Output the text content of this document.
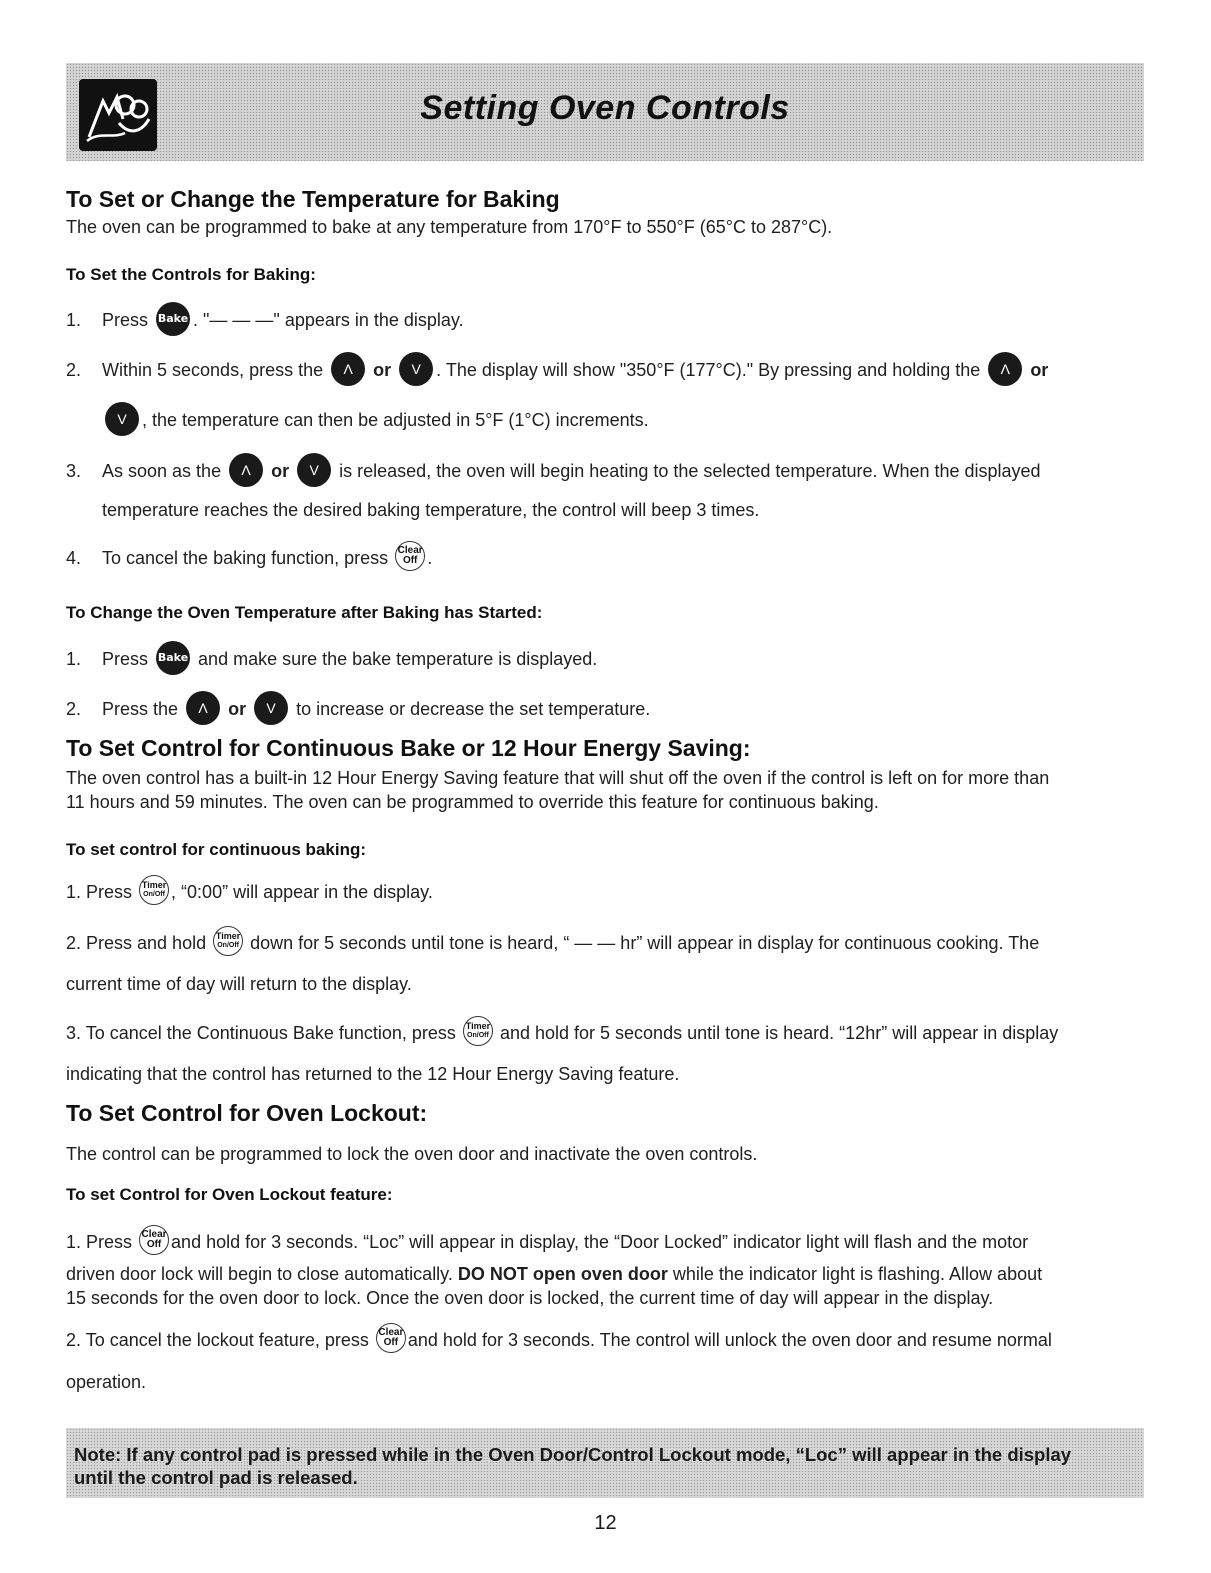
Setting Oven Controls
To Set or Change the Temperature for Baking
The oven can be programmed to bake at any temperature from 170°F to 550°F (65°C to 287°C).
To Set the Controls for Baking:
1. Press Bake . "— — —" appears in the display.
2. Within 5 seconds, press the Ʌ or V . The display will show "350°F (177°C)." By pressing and holding the Ʌ or
V , the temperature can then be adjusted in 5°F (1°C) increments.
3. As soon as the Ʌ or V is released, the oven will begin heating to the selected temperature. When the displayed
temperature reaches the desired baking temperature, the control will beep 3 times.
4. To cancel the baking function, press Clear
Off .
To Change the Oven Temperature after Baking has Started:
1. Press Bake and make sure the bake temperature is displayed.
2. Press the Ʌ or V to increase or decrease the set temperature.
To Set Control for Continuous Bake or 12 Hour Energy Saving:
The oven control has a built-in 12 Hour Energy Saving feature that will shut off the oven if the control is left on for more than
11 hours and 59 minutes. The oven can be programmed to override this feature for continuous baking.
To set control for continuous baking:
1. Press Timer
On/Off , “0:00” will appear in the display.
2. Press and hold Timer
On/Off down for 5 seconds until tone is heard, “ — — hr” will appear in display for continuous cooking. The
current time of day will return to the display.
3. To cancel the Continuous Bake function, press Timer
On/Off and hold for 5 seconds until tone is heard. “12hr” will appear in display
indicating that the control has returned to the 12 Hour Energy Saving feature.
To Set Control for Oven Lockout:
The control can be programmed to lock the oven door and inactivate the oven controls.
To set Control for Oven Lockout feature:
1. Press Clear
Off and hold for 3 seconds. “Loc” will appear in display, the “Door Locked” indicator light will flash and the motor
driven door lock will begin to close automatically. DO NOT open oven door while the indicator light is flashing. Allow about
15 seconds for the oven door to lock. Once the oven door is locked, the current time of day will appear in the display.
2. To cancel the lockout feature, press Clear
Off and hold for 3 seconds. The control will unlock the oven door and resume normal
operation.
Note: If any control pad is pressed while in the Oven Door/Control Lockout mode, “Loc” will appear in the display
until the control pad is released.
12
